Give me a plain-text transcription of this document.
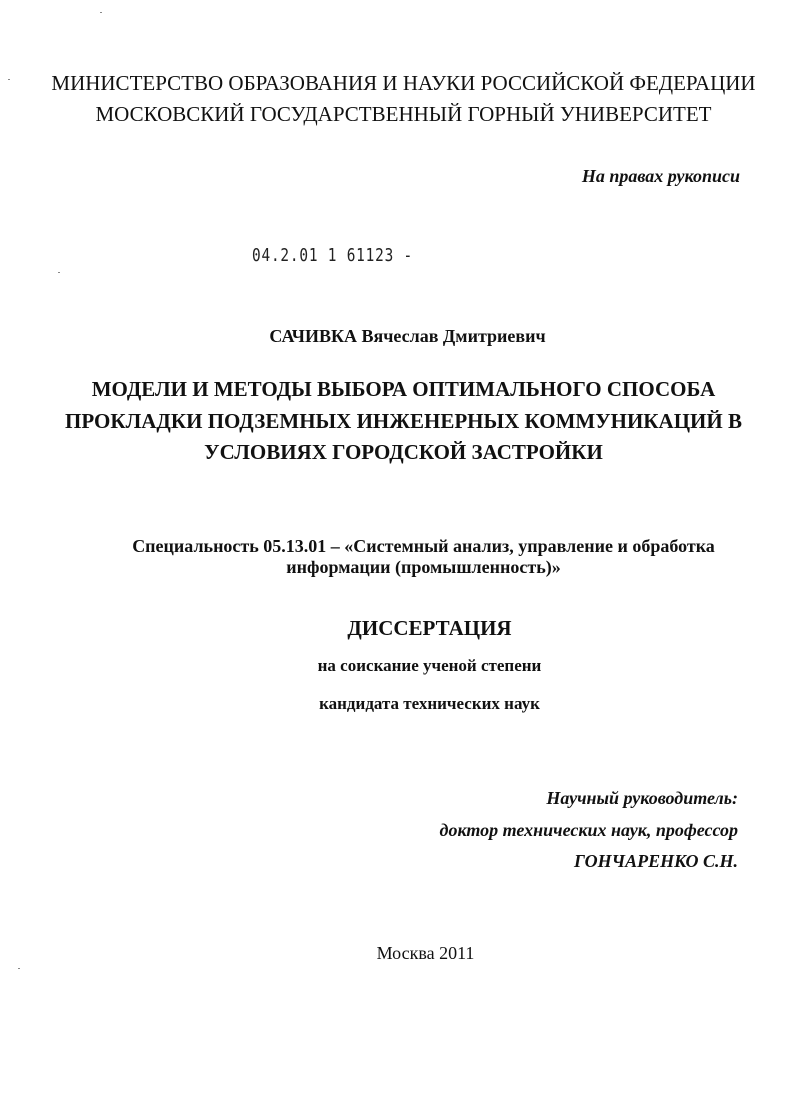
МИНИСТЕРСТВО ОБРАЗОВАНИЯ И НАУКИ РОССИЙСКОЙ ФЕДЕРАЦИИ
МОСКОВСКИЙ ГОСУДАРСТВЕННЫЙ ГОРНЫЙ УНИВЕРСИТЕТ
На правах рукописи
04.2.01 1 61123 -
САЧИВКА Вячеслав Дмитриевич
МОДЕЛИ И МЕТОДЫ ВЫБОРА ОПТИМАЛЬНОГО СПОСОБА
ПРОКЛАДКИ ПОДЗЕМНЫХ ИНЖЕНЕРНЫХ КОММУНИКАЦИЙ В
УСЛОВИЯХ ГОРОДСКОЙ ЗАСТРОЙКИ
Специальность 05.13.01 – «Системный анализ, управление и обработка
информации (промышленность)»
ДИССЕРТАЦИЯ
на соискание ученой степени
кандидата технических наук
Научный руководитель:
доктор технических наук, профессор
ГОНЧАРЕНКО С.Н.
Москва 2011
